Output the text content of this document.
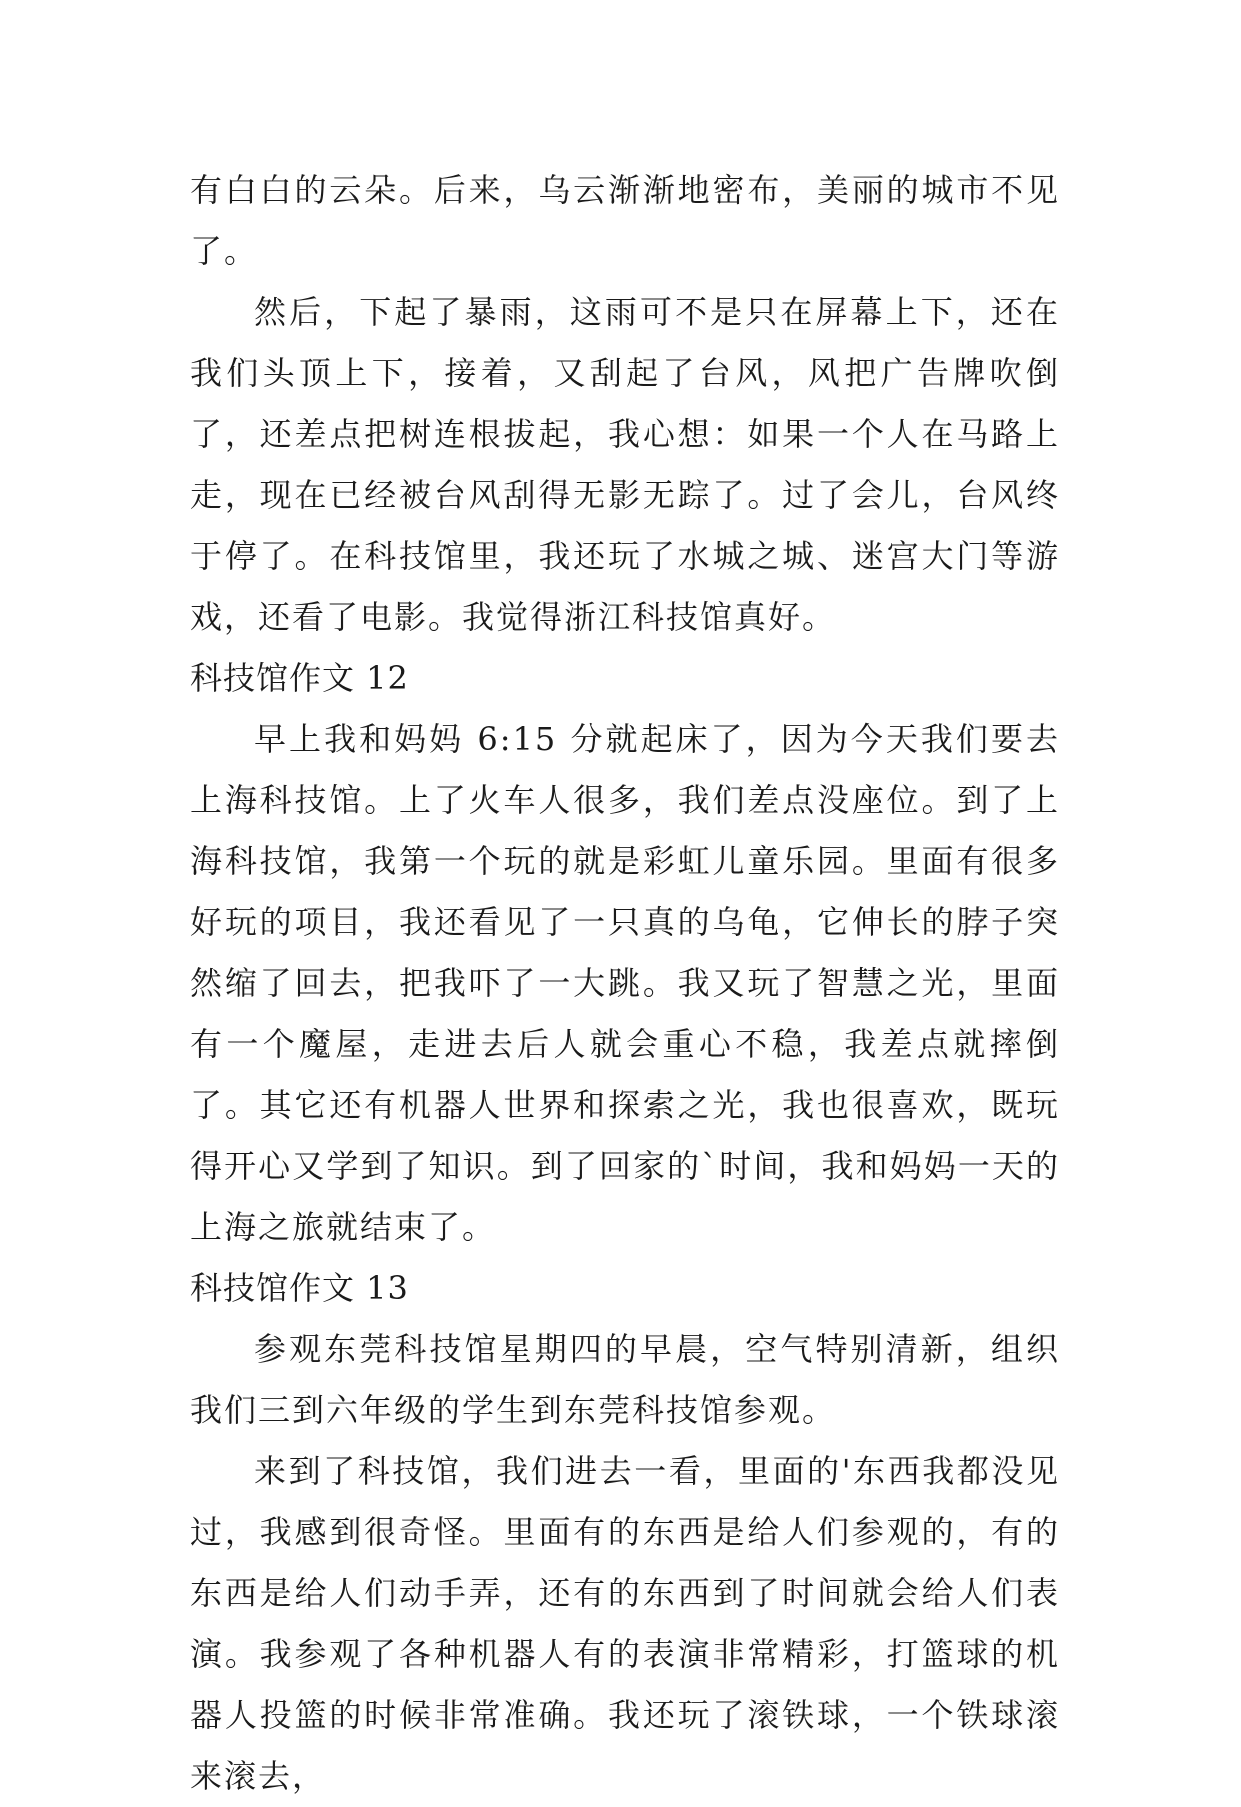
有白白的云朵。后来，乌云渐渐地密布，美丽的城市不见了。

然后，下起了暴雨，这雨可不是只在屏幕上下，还在我们头顶上下，接着，又刮起了台风，风把广告牌吹倒了，还差点把树连根拔起，我心想：如果一个人在马路上走，现在已经被台风刮得无影无踪了。过了会儿，台风终于停了。在科技馆里，我还玩了水城之城、迷宫大门等游戏，还看了电影。我觉得浙江科技馆真好。

科技馆作文 12

早上我和妈妈 6:15 分就起床了，因为今天我们要去上海科技馆。上了火车人很多，我们差点没座位。到了上海科技馆，我第一个玩的就是彩虹儿童乐园。里面有很多好玩的项目，我还看见了一只真的乌龟，它伸长的脖子突然缩了回去，把我吓了一大跳。我又玩了智慧之光，里面有一个魔屋，走进去后人就会重心不稳，我差点就摔倒了。其它还有机器人世界和探索之光，我也很喜欢，既玩得开心又学到了知识。到了回家的`时间，我和妈妈一天的上海之旅就结束了。

科技馆作文 13

参观东莞科技馆星期四的早晨，空气特别清新，组织我们三到六年级的学生到东莞科技馆参观。

来到了科技馆，我们进去一看，里面的'东西我都没见过，我感到很奇怪。里面有的东西是给人们参观的，有的东西是给人们动手弄，还有的东西到了时间就会给人们表演。我参观了各种机器人有的表演非常精彩，打篮球的机器人投篮的时候非常准确。我还玩了滚铁球，一个铁球滚来滚去，
